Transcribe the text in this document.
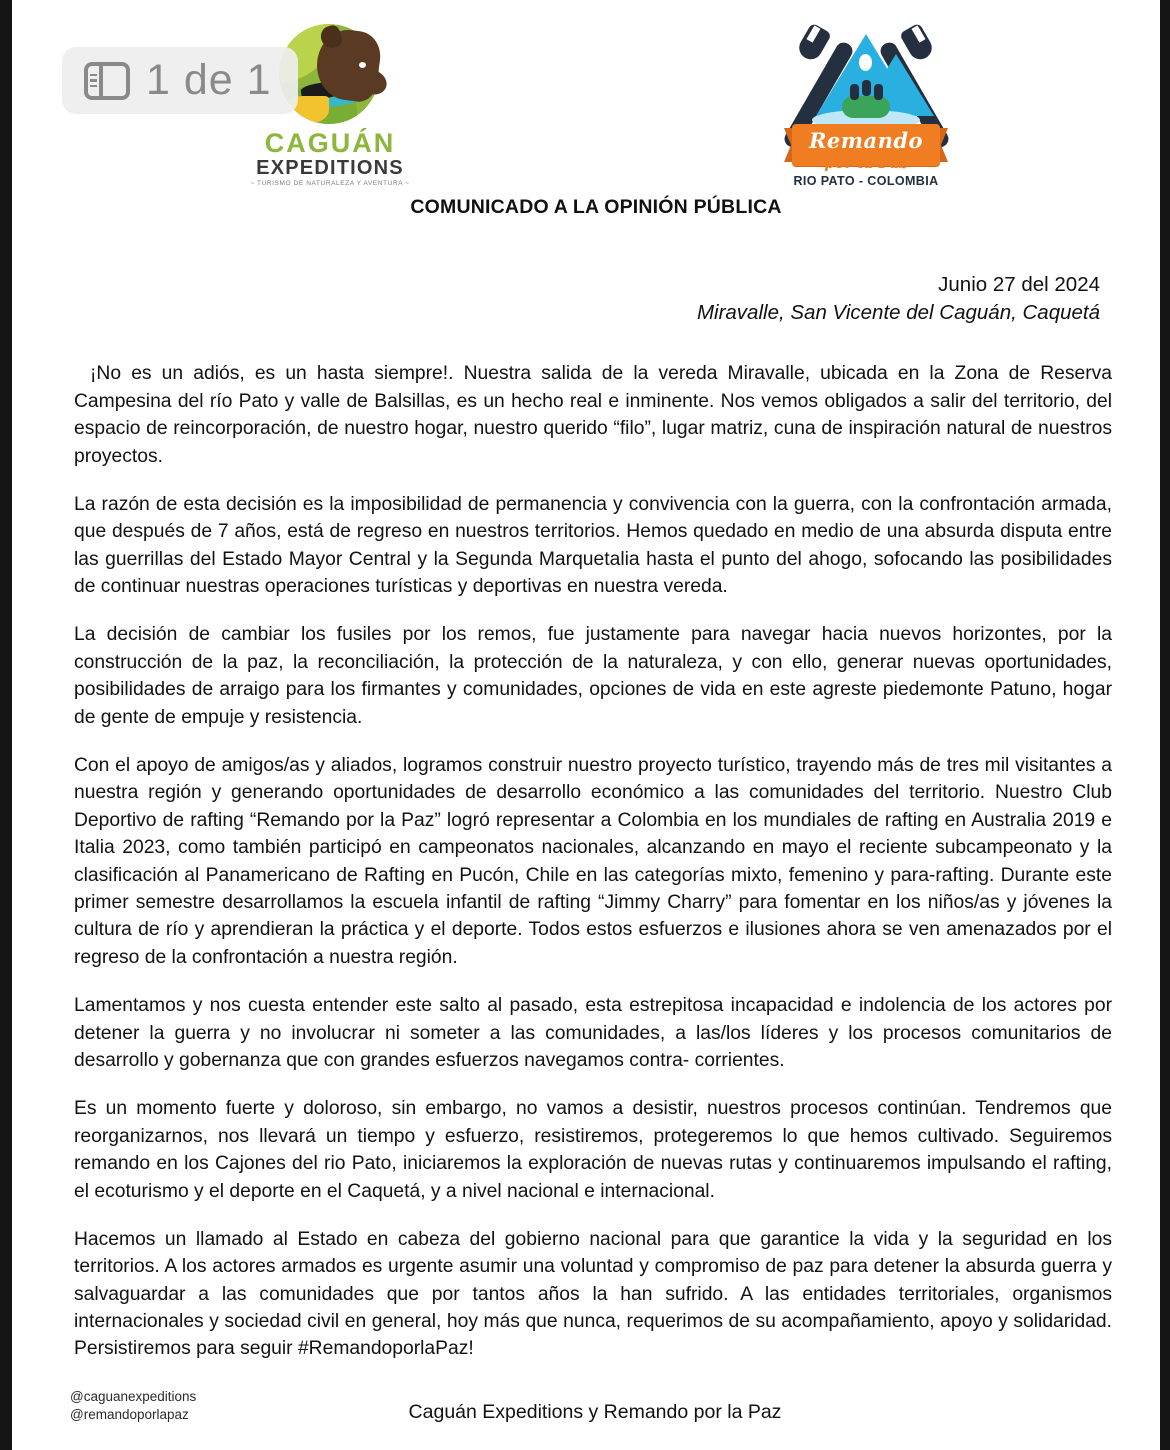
CAGUÁN
EXPEDITIONS
~ TURISMO DE NATURALEZA Y AVENTURA ~
Remando
por la Paz
RIO PATO - COLOMBIA
COMUNICADO A LA OPINIÓN PÚBLICA
Junio 27 del 2024
Miravalle, San Vicente del Caguán, Caquetá

¡No es un adiós, es un hasta siempre!. Nuestra salida de la vereda Miravalle, ubicada en la Zona de Reserva Campesina del río Pato y valle de Balsillas, es un hecho real e inminente. Nos vemos obligados a salir del territorio, del espacio de reincorporación, de nuestro hogar, nuestro querido “filo”, lugar matriz, cuna de inspiración natural de nuestros proyectos.

La razón de esta decisión es la imposibilidad de permanencia y convivencia con la guerra, con la confrontación armada, que después de 7 años, está de regreso en nuestros territorios. Hemos quedado en medio de una absurda disputa entre las guerrillas del Estado Mayor Central y la Segunda Marquetalia hasta el punto del ahogo, sofocando las posibilidades de continuar nuestras operaciones turísticas y deportivas en nuestra vereda.

La decisión de cambiar los fusiles por los remos, fue justamente para navegar hacia nuevos horizontes, por la construcción de la paz, la reconciliación, la protección de la naturaleza, y con ello, generar nuevas oportunidades, posibilidades de arraigo para los firmantes y comunidades, opciones de vida en este agreste piedemonte Patuno, hogar de gente de empuje y resistencia.

Con el apoyo de amigos/as y aliados, logramos construir nuestro proyecto turístico, trayendo más de tres mil visitantes a nuestra región y generando oportunidades de desarrollo económico a las comunidades del territorio. Nuestro Club Deportivo de rafting “Remando por la Paz” logró representar a Colombia en los mundiales de rafting en Australia 2019 e Italia 2023, como también participó en campeonatos nacionales, alcanzando en mayo el reciente subcampeonato y la clasificación al Panamericano de Rafting en Pucón, Chile en las categorías mixto, femenino y para-rafting. Durante este primer semestre desarrollamos la escuela infantil de rafting “Jimmy Charry” para fomentar en los niños/as y jóvenes la cultura de río y aprendieran la práctica y el deporte. Todos estos esfuerzos e ilusiones ahora se ven amenazados por el regreso de la confrontación a nuestra región.

Lamentamos y nos cuesta entender este salto al pasado, esta estrepitosa incapacidad e indolencia de los actores por detener la guerra y no involucrar ni someter a las comunidades, a las/los líderes y los procesos comunitarios de desarrollo y gobernanza que con grandes esfuerzos navegamos contra- corrientes.

Es un momento fuerte y doloroso, sin embargo, no vamos a desistir, nuestros procesos continúan. Tendremos que reorganizarnos, nos llevará un tiempo y esfuerzo, resistiremos, protegeremos lo que hemos cultivado. Seguiremos remando en los Cajones del rio Pato, iniciaremos la exploración de nuevas rutas y continuaremos impulsando el rafting, el ecoturismo y el deporte en el Caquetá, y a nivel nacional e internacional.

Hacemos un llamado al Estado en cabeza del gobierno nacional para que garantice la vida y la seguridad en los territorios. A los actores armados es urgente asumir una voluntad y compromiso de paz para detener la absurda guerra y salvaguardar a las comunidades que por tantos años la han sufrido. A las entidades territoriales, organismos internacionales y sociedad civil en general, hoy más que nunca, requerimos de su acompañamiento, apoyo y solidaridad. Persistiremos para seguir #RemandoporlaPaz!

Caguán Expeditions y Remando por la Paz
@caguanexpeditions
@remandoporlapaz
1 de 1
